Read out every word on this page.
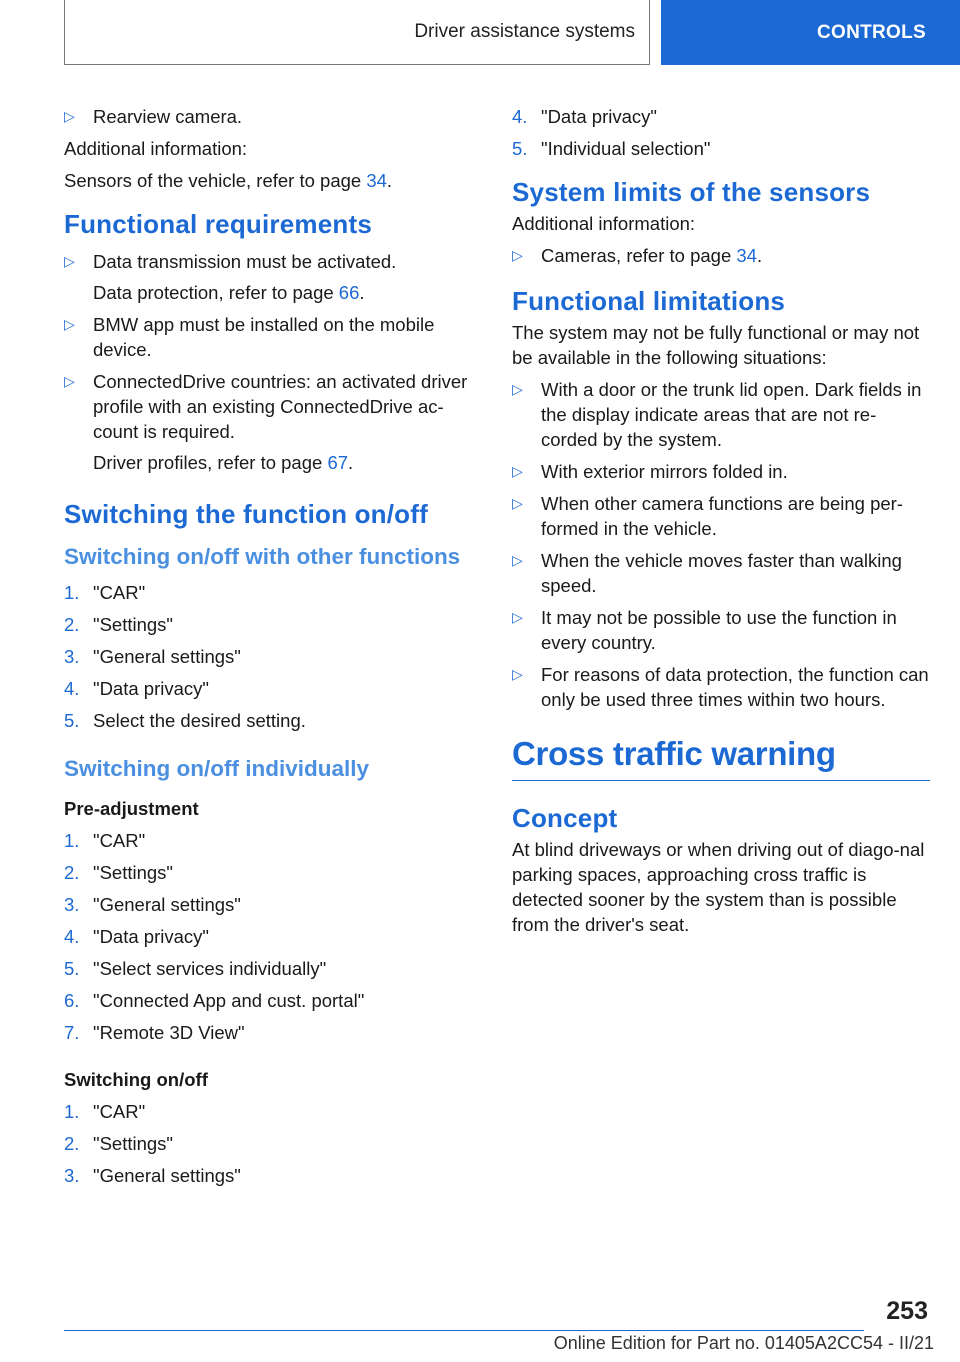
Driver assistance systems	CONTROLS
▷ Rearview camera.

Additional information:

Sensors of the vehicle, refer to page 34.

Functional requirements
▷ Data transmission must be activated.
Data protection, refer to page 66.
▷ BMW app must be installed on the mobile device.
▷ ConnectedDrive countries: an activated driver profile with an existing ConnectedDrive ac-count is required.
Driver profiles, refer to page 67.
Switching the function on/off
Switching on/off with other functions
1. "CAR"
2. "Settings"
3. "General settings"
4. "Data privacy"
5. Select the desired setting.
Switching on/off individually
Pre-adjustment
1. "CAR"
2. "Settings"
3. "General settings"
4. "Data privacy"
5. "Select services individually"
6. "Connected App and cust. portal"
7. "Remote 3D View"
Switching on/off
1. "CAR"
2. "Settings"
3. "General settings"
4. "Data privacy"
5. "Individual selection"
System limits of the sensors

Additional information:

▷ Cameras, refer to page 34.
Functional limitations

The system may not be fully functional or may not be available in the following situations:

▷ With a door or the trunk lid open. Dark fields in the display indicate areas that are not re-corded by the system.
▷ With exterior mirrors folded in.
▷ When other camera functions are being per-formed in the vehicle.
▷ When the vehicle moves faster than walking speed.
▷ It may not be possible to use the function in every country.
▷ For reasons of data protection, the function can only be used three times within two hours.
Cross traffic warning
Concept

At blind driveways or when driving out of diago-nal parking spaces, approaching cross traffic is detected sooner by the system than is possible from the driver's seat.

253
Online Edition for Part no. 01405A2CC54 - II/21
